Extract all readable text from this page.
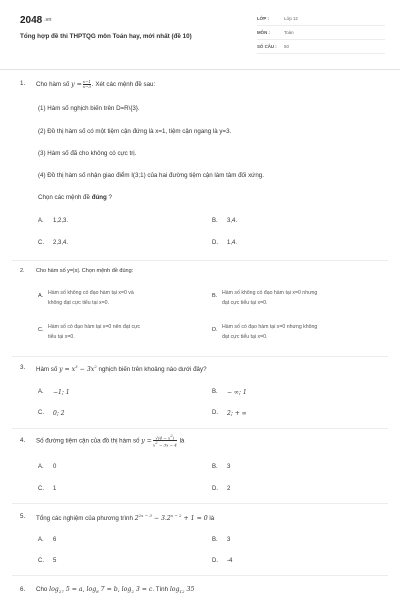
2048 .vn
Tổng hợp đề thi THPTQG môn Toán hay, mới nhất (đề 10)
LỚP :	Lớp 12
MÔN :	Toán
SỐ CÂU : 50
1. Cho hàm số $y = \frac{x-1}{x-3}$ . Xét các mệnh đề sau:
(1) Hàm số nghịch biến trên D=R\{3}.
(2) Đồ thị hàm số có một tiệm cận đứng là x=1, tiệm cận ngang là y=3.
(3) Hàm số đã cho không có cực trị.
(4) Đồ thị hàm số nhận giao điểm I(3;1) của hai đường tiệm cận làm tâm đối xứng.
Chọn các mệnh đề đúng ?
A. 1,2,3.	B. 3,4.
C. 2,3,4.	D. 1,4.
2. Cho hàm số y=|x|. Chọn mệnh đề đúng:
A. Hàm số không có đạo hàm tại x=0 và
không đạt cực tiểu tại x=0.
B. Hàm số không có đạo hàm tại x=0 nhưng
đạt cực tiểu tại x=0.
C. Hàm số có đạo hàm tại x=0 nên đạt cực
tiểu tại x=0.
D. Hàm số có đạo hàm tại x=0 nhưng không
đạt cực tiểu tại x=0.
3. Hàm số $y = x^3 - 3x^2$ nghịch biến trên khoảng nào dưới đây?
A. −1; 1	B. − ∞; 1
C. 0; 2	D. 2; + ∞
4. Số đường tiệm cận của đồ thị hàm số $y = \frac{√(4 - x^2)}{x^2 - 3x - 4}$ là
A. 0	B. 3
C. 1	D. 2
5. Tổng các nghiệm của phương trình $2^{2x - 3} - 3.2^{x - 2} + 1 = 0$ là
A. 6	B. 3
C. 5	D. -4
6. Cho $\log_{27} 5 = a$, $\log_8 7 = b$, $\log_2 3 = c$. Tính $\log_{12} 35$
